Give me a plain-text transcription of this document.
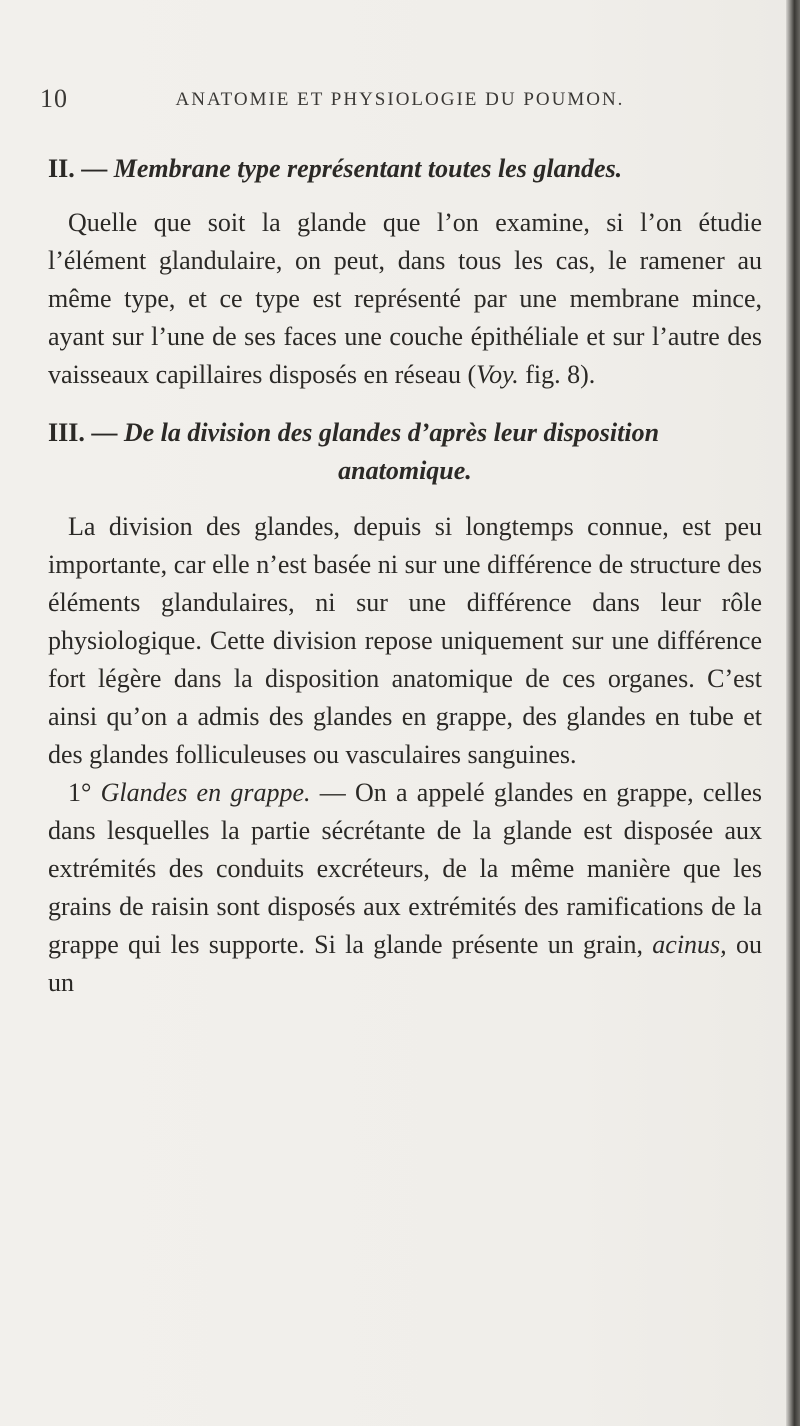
10	ANATOMIE ET PHYSIOLOGIE DU POUMON.
II. — Membrane type représentant toutes les glandes.

Quelle que soit la glande que l’on examine, si l’on étudie l’élément glandulaire, on peut, dans tous les cas, le ramener au même type, et ce type est représenté par une membrane mince, ayant sur l’une de ses faces une couche épithéliale et sur l’autre des vaisseaux capillaires disposés en réseau (Voy. fig. 8).

III. — De la division des glandes d’après leur disposition
anatomique.

La division des glandes, depuis si longtemps connue, est peu importante, car elle n’est basée ni sur une différence de structure des éléments glandulaires, ni sur une différence dans leur rôle physiologique. Cette division repose uniquement sur une différence fort légère dans la disposition anatomique de ces organes. C’est ainsi qu’on a admis des glandes en grappe, des glandes en tube et des glandes folliculeuses ou vasculaires sanguines.

1° Glandes en grappe. — On a appelé glandes en grappe, celles dans lesquelles la partie sécrétante de la glande est disposée aux extrémités des conduits excréteurs, de la même manière que les grains de raisin sont disposés aux extrémités des ramifications de la grappe qui les supporte. Si la glande présente un grain, acinus, ou un
